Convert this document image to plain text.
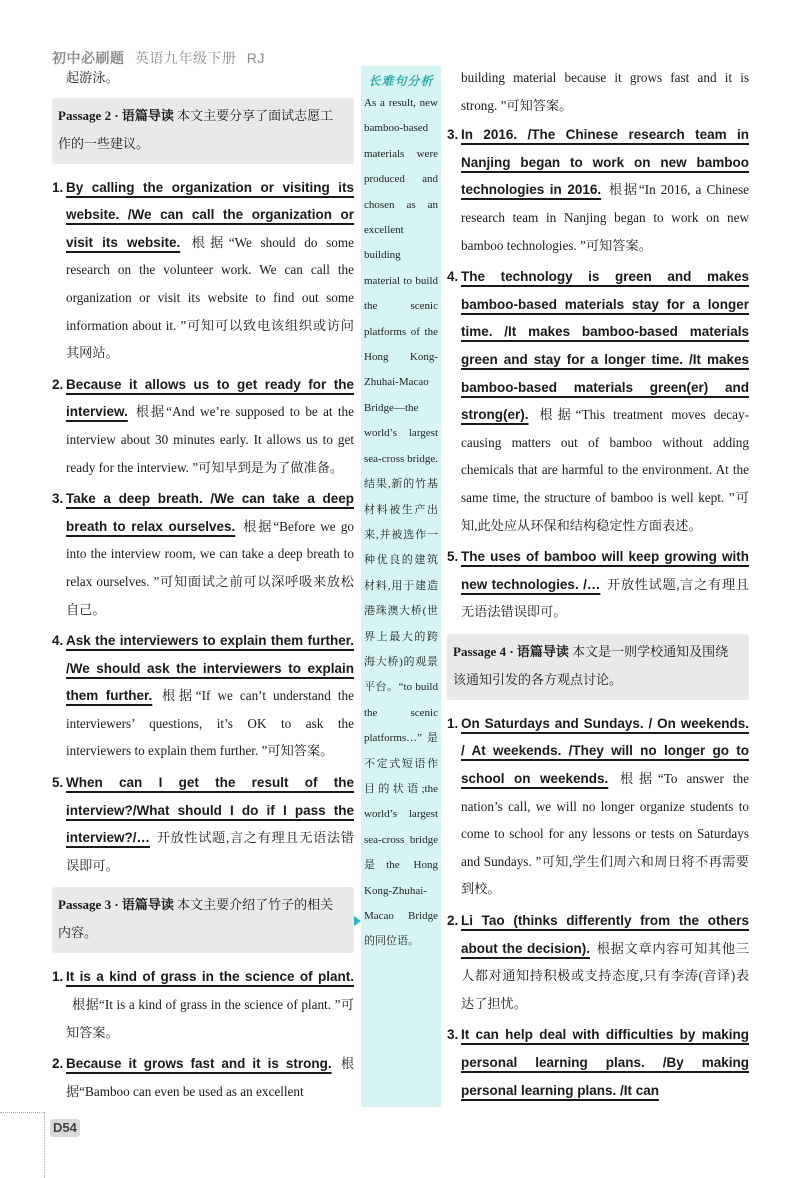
初中必刷题 英语九年级下册 RJ
起游泳。
Passage 2 · 语篇导读 本文主要分享了面试志愿工作的一些建议。
1. By calling the organization or visiting its website. /We can call the organization or visit its website. 根据“We should do some research on the volunteer work. We can call the organization or visit its website to find out some information about it. ”可知可以致电该组织或访问其网站。
2. Because it allows us to get ready for the interview. 根据“And we’re supposed to be at the interview about 30 minutes early. It allows us to get ready for the interview. ”可知早到是为了做准备。
3. Take a deep breath. /We can take a deep breath to relax ourselves. 根据“Before we go into the interview room, we can take a deep breath to relax ourselves. ”可知面试之前可以深呼吸来放松自己。
4. Ask the interviewers to explain them further. /We should ask the interviewers to explain them further. 根据“If we can’t understand the interviewers’ questions, it’s OK to ask the interviewers to explain them further. ”可知答案。
5. When can I get the result of the interview?/What should I do if I pass the interview?/… 开放性试题,言之有理且无语法错误即可。
Passage 3 · 语篇导读 本文主要介绍了竹子的相关内容。
1. It is a kind of grass in the science of plant.根据“It is a kind of grass in the science of plant. ”可知答案。
2. Because it grows fast and it is strong. 根据“Bamboo can even be used as an excellent
长难句分析
As a result, new bamboo-based materials were produced and chosen as an excellent building material to build the scenic platforms of the Hong Kong-Zhuhai-Macao Bridge—the world’s largest sea-cross bridge. 结果,新的竹基材料被生产出来,并被选作一种优良的建筑材料,用于建造港珠澳大桥(世界上最大的跨海大桥)的观景平台。“to build the scenic platforms…”是不定式短语作目的状语;the world’s largest sea-cross bridge 是the Hong Kong-Zhuhai-Macao Bridge 的同位语。
building material because it grows fast and it is strong. ”可知答案。
3. In 2016. /The Chinese research team in Nanjing began to work on new bamboo technologies in 2016. 根据“In 2016, a Chinese research team in Nanjing began to work on new bamboo technologies. ”可知答案。
4. The technology is green and makes bamboo-based materials stay for a longer time. /It makes bamboo-based materials green and stay for a longer time. /It makes bamboo-based materials green(er) and strong(er). 根据“This treatment moves decay-causing matters out of bamboo without adding chemicals that are harmful to the environment. At the same time, the structure of bamboo is well kept. ”可知,此处应从环保和结构稳定性方面表述。
5. The uses of bamboo will keep growing with new technologies. /… 开放性试题,言之有理且无语法错误即可。
Passage 4 · 语篇导读 本文是一则学校通知及围绕该通知引发的各方观点讨论。
1. On Saturdays and Sundays. / On weekends. / At weekends. /They will no longer go to school on weekends. 根据“To answer the nation’s call, we will no longer organize students to come to school for any lessons or tests on Saturdays and Sundays. ”可知,学生们周六和周日将不再需要到校。
2. Li Tao (thinks differently from the others about the decision). 根据文章内容可知其他三人都对通知持积极或支持态度,只有李涛(音译)表达了担忧。
3. It can help deal with difficulties by making personal learning plans. /By making personal learning plans. /It can
D54
